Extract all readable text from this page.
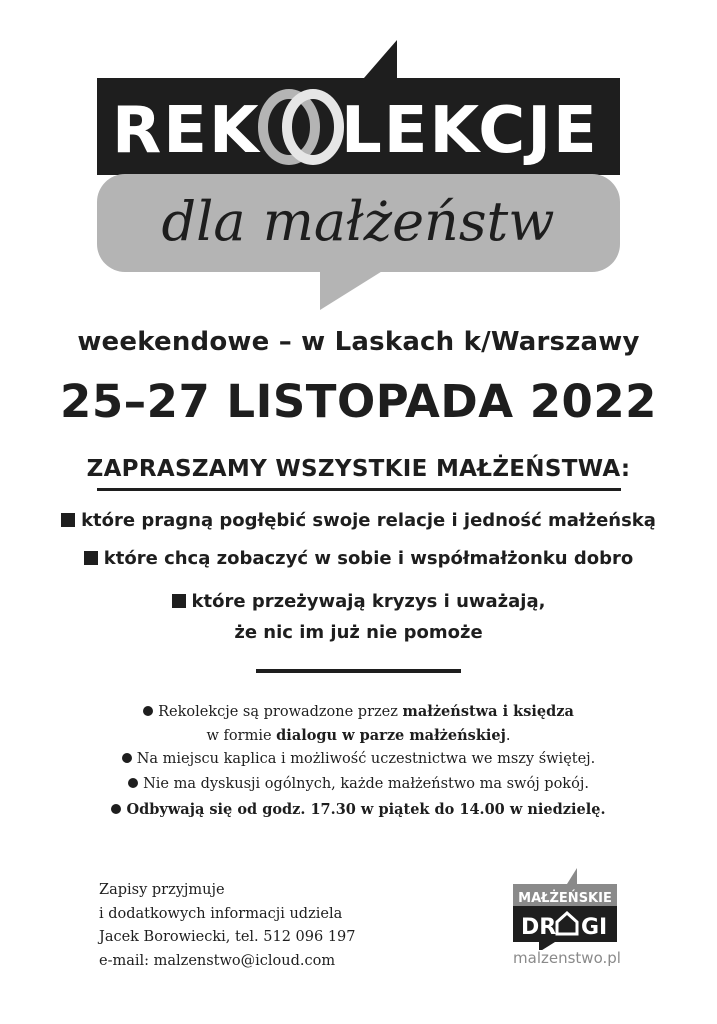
REK LEKCJE
dla małżeństw
weekendowe – w Laskach k/Warszawy
25–27 LISTOPADA 2022
ZAPRASZAMY WSZYSTKIE MAŁŻEŃSTWA:
które pragną pogłębić swoje relacje i jedność małżeńską
które chcą zobaczyć w sobie i współmałżonku dobro
które przeżywają kryzys i uważają,
że nic im już nie pomoże
Rekolekcje są prowadzone przez małżeństwa i księdza
w formie dialogu w parze małżeńskiej.
Na miejscu kaplica i możliwość uczestnictwa we mszy świętej.
Nie ma dyskusji ogólnych, każde małżeństwo ma swój pokój.
Odbywają się od godz. 17.30 w piątek do 14.00 w niedzielę.
Zapisy przyjmuje
i dodatkowych informacji udziela
Jacek Borowiecki, tel. 512 096 197
e-mail: malzenstwo@icloud.com
MAŁŻEŃSKIE
DR GI
malzenstwo.pl
